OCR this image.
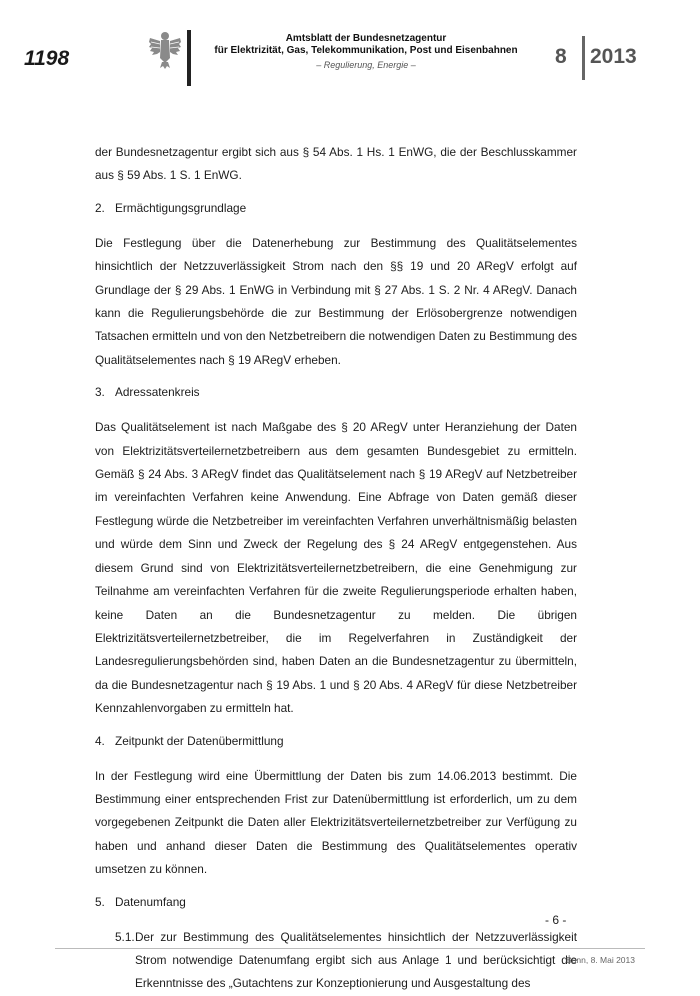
1198
Amtsblatt der Bundesnetzagentur
für Elektrizität, Gas, Telekommunikation, Post und Eisenbahnen
– Regulierung, Energie –	8 2013

der Bundesnetzagentur ergibt sich aus § 54 Abs. 1 Hs. 1 EnWG, die der Beschlusskammer aus § 59 Abs. 1 S. 1 EnWG.

2. Ermächtigungsgrundlage

Die Festlegung über die Datenerhebung zur Bestimmung des Qualitätselementes hinsichtlich der Netzzuverlässigkeit Strom nach den §§ 19 und 20 ARegV erfolgt auf Grundlage der § 29 Abs. 1 EnWG in Verbindung mit § 27 Abs. 1 S. 2 Nr. 4 ARegV. Danach kann die Regulierungsbehörde die zur Bestimmung der Erlösobergrenze notwendigen Tatsachen ermitteln und von den Netzbetreibern die notwendigen Daten zu Bestimmung des Qualitätselementes nach § 19 ARegV erheben.

3. Adressatenkreis

Das Qualitätselement ist nach Maßgabe des § 20 ARegV unter Heranziehung der Daten von Elektrizitätsverteilernetzbetreibern aus dem gesamten Bundesgebiet zu ermitteln. Gemäß § 24 Abs. 3 ARegV findet das Qualitätselement nach § 19 ARegV auf Netzbetreiber im vereinfachten Verfahren keine Anwendung. Eine Abfrage von Daten gemäß dieser Festlegung würde die Netzbetreiber im vereinfachten Verfahren unverhältnismäßig belasten und würde dem Sinn und Zweck der Regelung des § 24 ARegV entgegenstehen. Aus diesem Grund sind von Elektrizitätsverteilernetzbetreibern, die eine Genehmigung zur Teilnahme am vereinfachten Verfahren für die zweite Regulierungsperiode erhalten haben, keine Daten an die Bundesnetzagentur zu melden. Die übrigen Elektrizitätsverteilernetzbetreiber, die im Regelverfahren in Zuständigkeit der Landesregulierungsbehörden sind, haben Daten an die Bundesnetzagentur zu übermitteln, da die Bundesnetzagentur nach § 19 Abs. 1 und § 20 Abs. 4 ARegV für diese Netzbetreiber Kennzahlenvorgaben zu ermitteln hat.

4. Zeitpunkt der Datenübermittlung

In der Festlegung wird eine Übermittlung der Daten bis zum 14.06.2013 bestimmt. Die Bestimmung einer entsprechenden Frist zur Datenübermittlung ist erforderlich, um zu dem vorgegebenen Zeitpunkt die Daten aller Elektrizitätsverteilernetzbetreiber zur Verfügung zu haben und anhand dieser Daten die Bestimmung des Qualitätselementes operativ umsetzen zu können.

5. Datenumfang
5.1. Der zur Bestimmung des Qualitätselementes hinsichtlich der Netzzuverlässigkeit Strom notwendige Datenumfang ergibt sich aus Anlage 1 und berücksichtigt die Erkenntnisse des „Gutachtens zur Konzeptionierung und Ausgestaltung des

- 6 -
Bonn, 8. Mai 2013
